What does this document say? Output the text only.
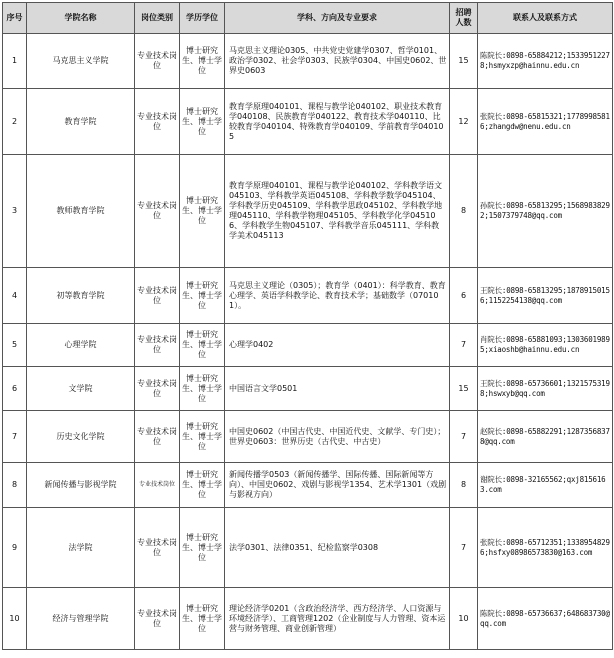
序号	学院名称	岗位类别	学历学位	学科、方向及专业要求	招聘人数	联系人及联系方式
1	马克思主义学院	专业技术岗位	博士研究生、博士学位	马克思主义理论0305、中共党史党建学0307、哲学0101、政治学0302、社会学0303、民族学0304、中国史0602、世界史0603	15	陈院长:0898-65884212;15339512278;hsmyxzp@hainnu.edu.cn
2	教育学院	专业技术岗位	博士研究生、博士学位	教育学原理040101、课程与教学论040102、职业技术教育学040108、民族教育学040122、教育技术学040110、比较教育学040104、特殊教育学040109、学前教育学040105	12	张院长:0898-65815321;17789985816;zhangdw@nenu.edu.cn
3	教师教育学院	专业技术岗位	博士研究生、博士学位	教育学原理040101、课程与教学论040102、学科教学语文045103、学科教学英语045108、学科教学数学045104、学科教学历史045109、学科教学思政045102、学科教学地理045110、学科教学物理045105、学科教学化学045106、学科教学生物045107、学科教学音乐045111、学科教学美术045113	8	孙院长:0898-65813295;15689838292;1507379748@qq.com
4	初等教育学院	专业技术岗位	博士研究生、博士学位	马克思主义理论（0305）；教育学（0401）：科学教育、教育心理学、英语学科教学论、教育技术学；基础数学（070101）。	6	王院长:0898-65813295;18789150156;1152254138@qq.com
5	心理学院	专业技术岗位	博士研究生、博士学位	心理学0402	7	肖院长:0898-65881093;13036019895;xiaoshb@hainnu.edu.cn
6	文学院	专业技术岗位	博士研究生、博士学位	中国语言文学0501	15	王院长:0898-65736601;13215753198;hswxyb@qq.com
7	历史文化学院	专业技术岗位	博士研究生、博士学位	中国史0602（中国古代史、中国近代史、文献学、专门史）；世界史0603：世界历史（古代史、中古史）	7	赵院长:0898-65882291;12873568378@qq.com
8	新闻传播与影视学院	专业技术岗位	博士研究生、博士学位	新闻传播学0503（新闻传播学、国际传播、国际新闻等方向）、中国史0602、戏剧与影视学1354、艺术学1301（戏剧与影视方向）	8	谢院长:0898-32165562;qxj8156163.com
9	法学院	专业技术岗位	博士研究生、博士学位	法学0301、法律0351、纪检监察学0308	7	张院长:0898-65712351;13389548296;hsfxy08986573830@163.com
10	经济与管理学院	专业技术岗位	博士研究生、博士学位	理论经济学0201（含政治经济学、西方经济学、人口资源与环境经济学）、工商管理1202（企业制度与人力管理、资本运营与财务管理、商业创新管理）	10	陈院长:0898-65736637;648683730@qq.com
